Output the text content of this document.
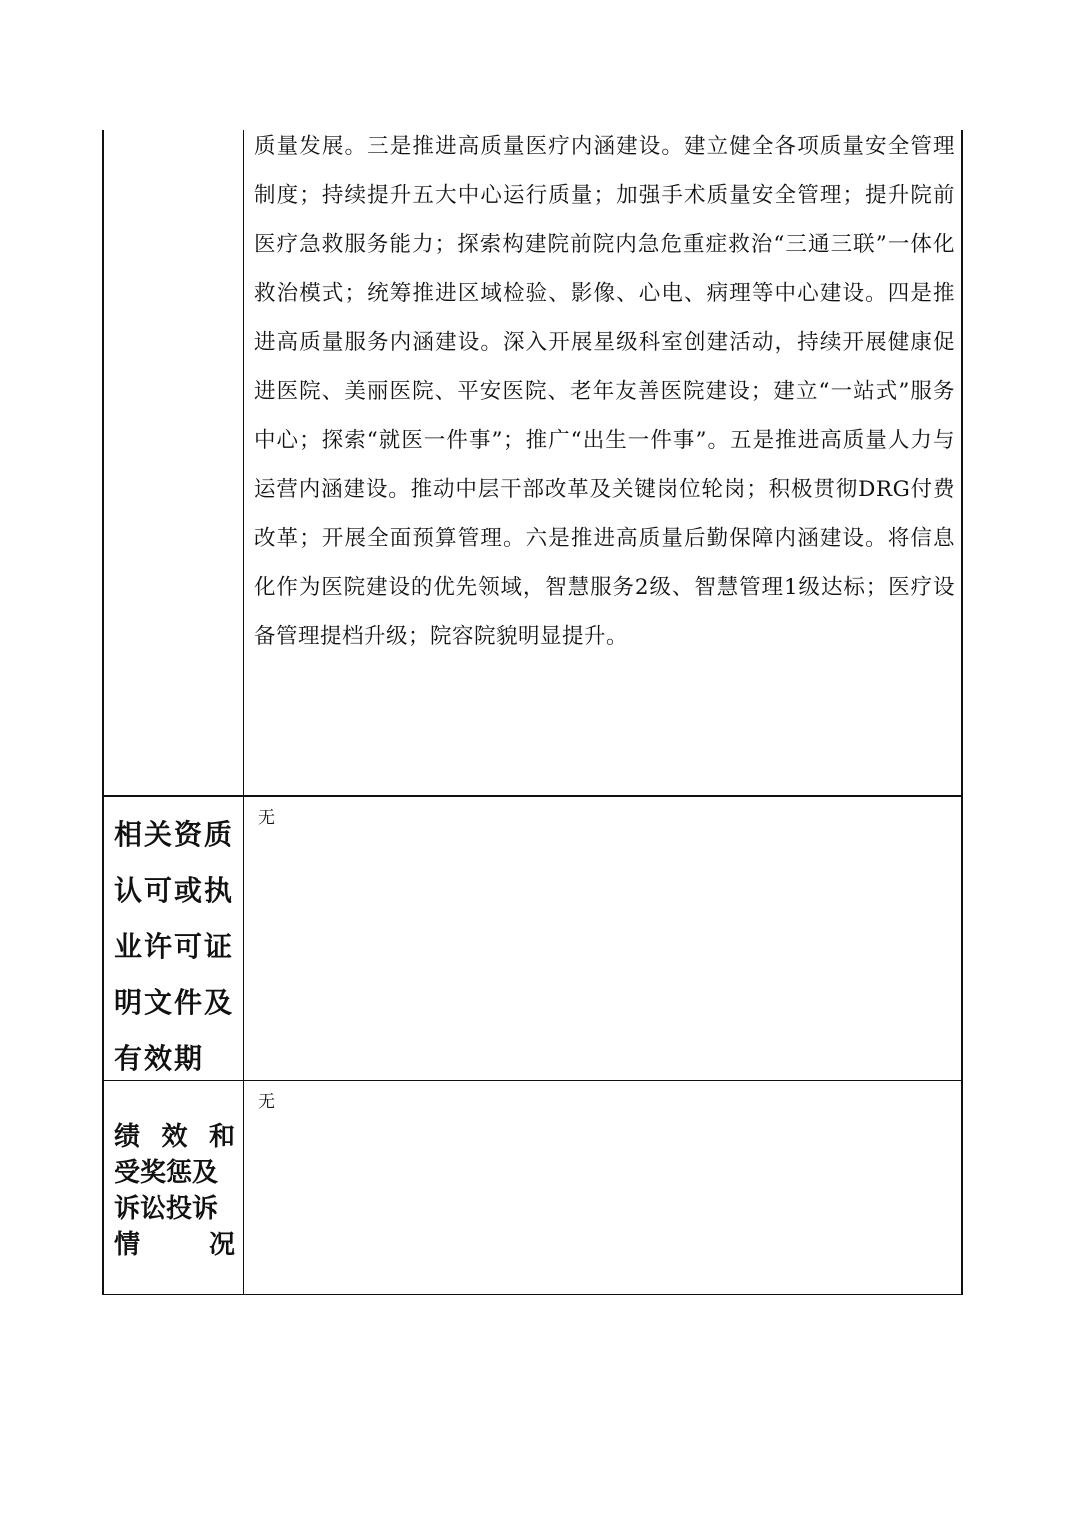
质量发展。三是推进高质量医疗内涵建设。建立健全各项质量安全管理制度；持续提升五大中心运行质量；加强手术质量安全管理；提升院前医疗急救服务能力；探索构建院前院内急危重症救治“三通三联”一体化救治模式；统筹推进区域检验、影像、心电、病理等中心建设。四是推进高质量服务内涵建设。深入开展星级科室创建活动，持续开展健康促进医院、美丽医院、平安医院、老年友善医院建设；建立“一站式”服务中心；探索“就医一件事”；推广“出生一件事”。五是推进高质量人力与运营内涵建设。推动中层干部改革及关键岗位轮岗；积极贯彻DRG付费改革；开展全面预算管理。六是推进高质量后勤保障内涵建设。将信息化作为医院建设的优先领域，智慧服务2级、智慧管理1级达标；医疗设备管理提档升级；院容院貌明显提升。
相关资质
认可或执
业许可证
明文件及
有效期
无
绩 效 和
受奖惩及
诉讼投诉
情	况
无
